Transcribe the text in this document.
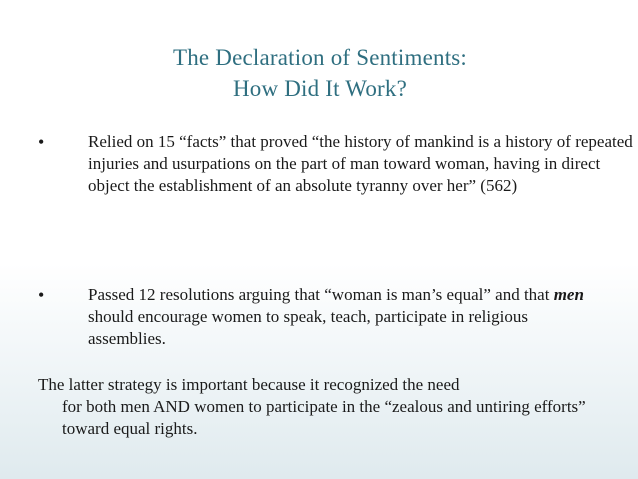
The Declaration of Sentiments:
How Did It Work?
•	Relied on 15 “facts” that proved “the history of mankind is a history of repeated injuries and usurpations on the part of man toward woman, having in direct object the establishment of an absolute tyranny over her” (562)
•	Passed 12 resolutions arguing that “woman is man’s equal” and that men should encourage women to speak, teach, participate in religious assemblies.
The latter strategy is important because it recognized the need
for both men AND women to participate in the “zealous and untiring efforts” toward equal rights.
